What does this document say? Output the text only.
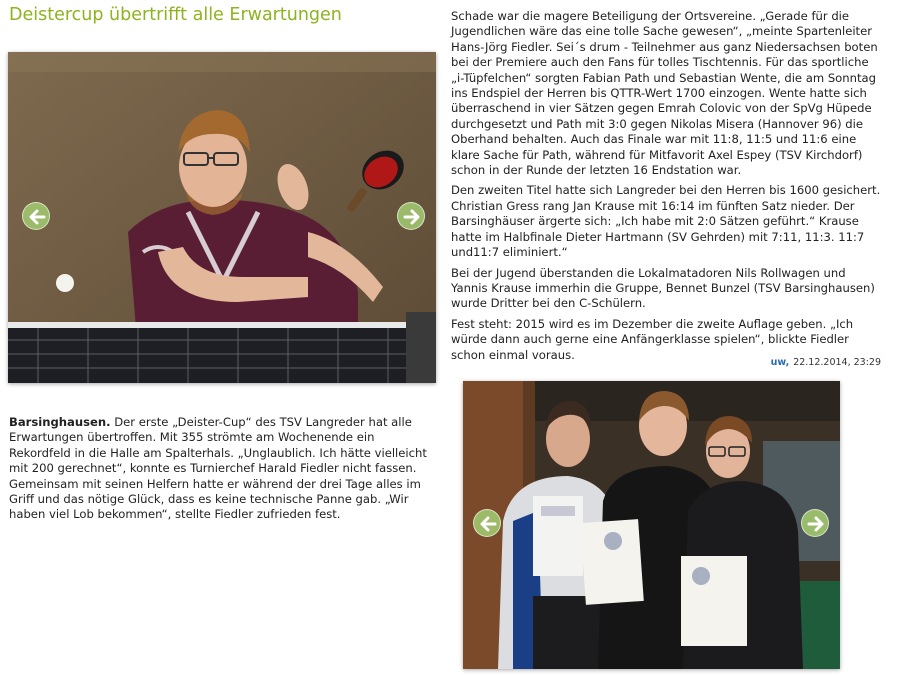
Deistercup übertrifft alle Erwartungen	Schade war die magere Beteiligung der Ortsvereine. „Gerade für die Jugendlichen wäre das eine tolle Sache gewesen“, „meinte Spartenleiter Hans-Jörg Fiedler. Sei´s drum - Teilnehmer aus ganz Niedersachsen boten bei der Premiere auch den Fans für tolles Tischtennis. Für das sportliche „i-Tüpfelchen“ sorgten Fabian Path und Sebastian Wente, die am Sonntag ins Endspiel der Herren bis QTTR-Wert 1700 einzogen. Wente hatte sich überraschend in vier Sätzen gegen Emrah Colovic von der SpVg Hüpede durchgesetzt und Path mit 3:0 gegen Nikolas Misera (Hannover 96) die Oberhand behalten. Auch das Finale war mit 11:8, 11:5 und 11:6 eine klare Sache für Path, während für Mitfavorit Axel Espey (TSV Kirchdorf) schon in der Runde der letzten 16 Endstation war.

Den zweiten Titel hatte sich Langreder bei den Herren bis 1600 gesichert. Christian Gress rang Jan Krause mit 16:14 im fünften Satz nieder. Der Barsinghäuser ärgerte sich: „Ich habe mit 2:0 Sätzen geführt.“ Krause hatte im Halbfinale Dieter Hartmann (SV Gehrden) mit 7:11, 11:3. 11:7 und11:7 eliminiert.“

Bei der Jugend überstanden die Lokalmatadoren Nils Rollwagen und Yannis Krause immerhin die Gruppe, Bennet Bunzel (TSV Barsinghausen) wurde Dritter bei den C-Schülern.

Fest steht: 2015 wird es im Dezember die zweite Auflage geben. „Ich würde dann auch gerne eine Anfängerklasse spielen“, blickte Fiedler schon einmal voraus.

uw, 22.12.2014, 23:29
Barsinghausen. Der erste „Deister-Cup“ des TSV Langreder hat alle Erwartungen übertroffen. Mit 355 strömte am Wochenende ein Rekordfeld in die Halle am Spalterhals. „Unglaublich. Ich hätte vielleicht mit 200 gerechnet“, konnte es Turnierchef Harald Fiedler nicht fassen. Gemeinsam mit seinen Helfern hatte er während der drei Tage alles im Griff und das nötige Glück, dass es keine technische Panne gab. „Wir haben viel Lob bekommen“, stellte Fiedler zufrieden fest.
